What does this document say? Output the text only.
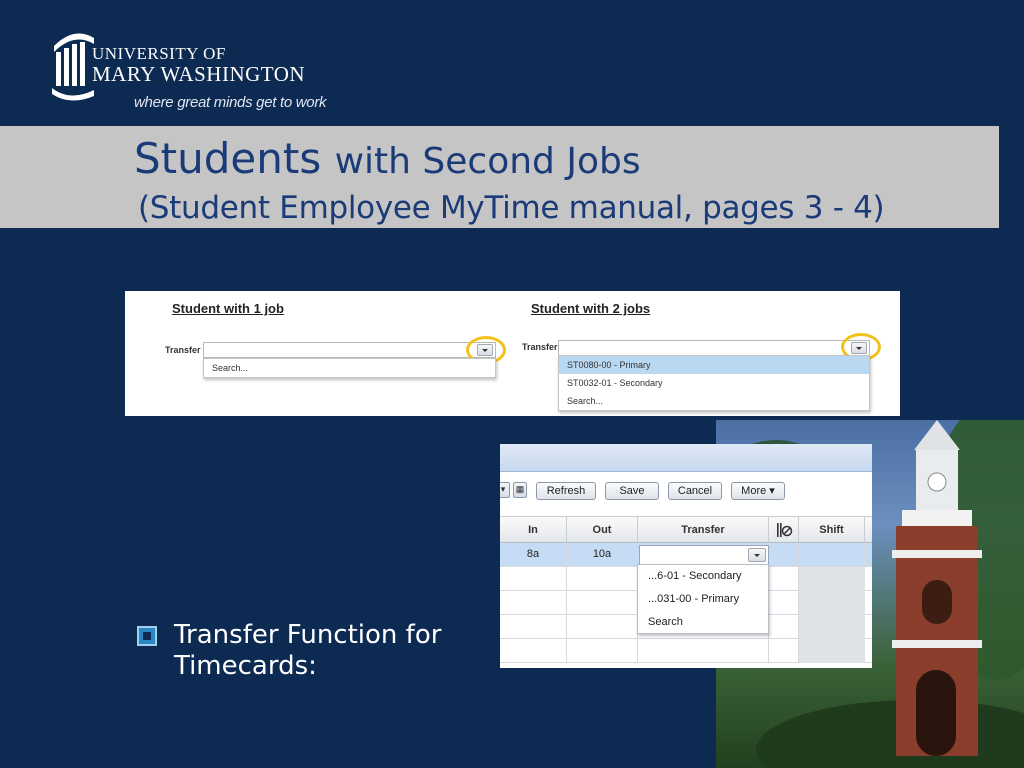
UNIVERSITY OF
MARY WASHINGTON
where great minds get to work
Students with Second Jobs
(Student Employee MyTime manual, pages 3 - 4)
Student with 1 job
Transfer
Search...
Student with 2 jobs
Transfer
ST0080-00 - Primary
ST0032-01 - Secondary
Search...
▾	▦	Refresh	Save	Cancel	More ▾
In	Out	Transfer	Shift
8a	10a
...6-01 - Secondary
...031-00 - Primary
Search
Transfer Function for Timecards:
